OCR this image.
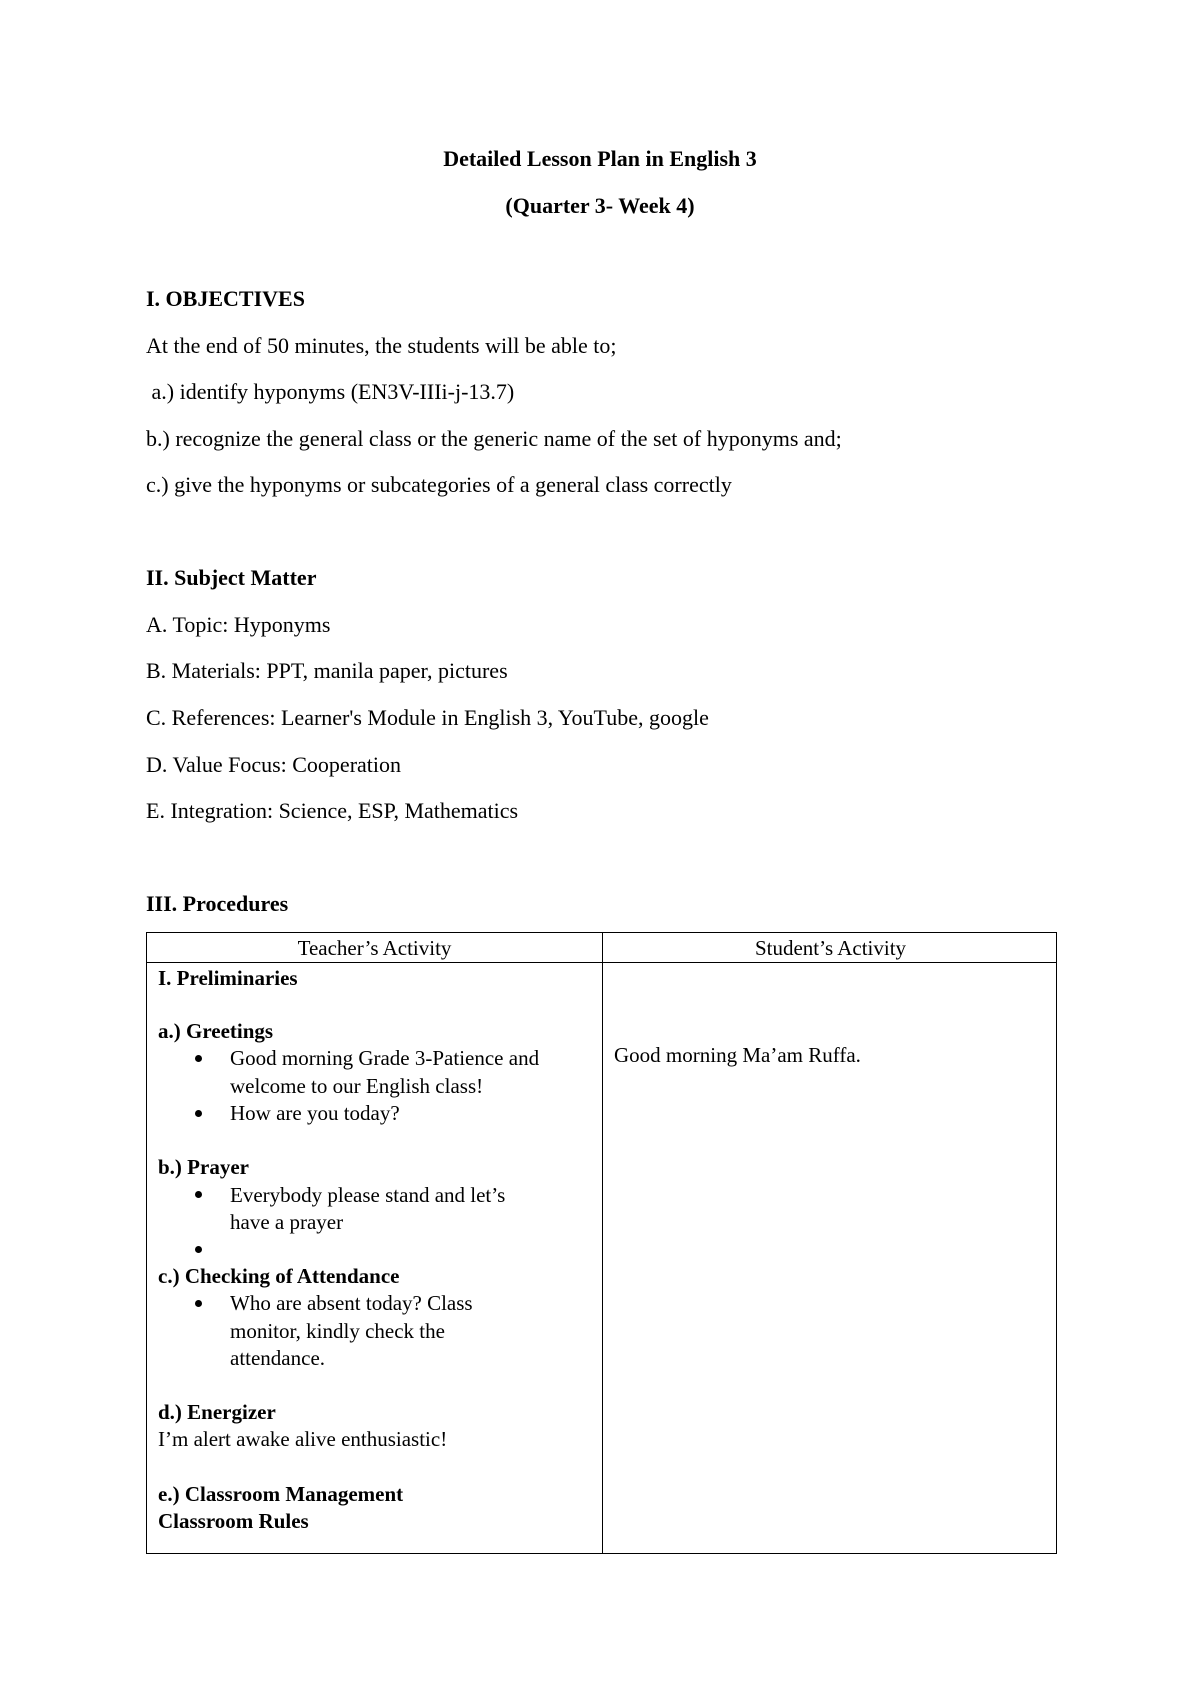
Detailed Lesson Plan in English 3
(Quarter 3- Week 4)
I. OBJECTIVES
At the end of 50 minutes, the students will be able to;
a.) identify hyponyms (EN3V-IIIi-j-13.7)
b.) recognize the general class or the generic name of the set of hyponyms and;
c.) give the hyponyms or subcategories of a general class correctly
II. Subject Matter
A. Topic: Hyponyms
B. Materials: PPT, manila paper, pictures
C. References: Learner's Module in English 3, YouTube, google
D. Value Focus: Cooperation
E. Integration: Science, ESP, Mathematics
III. Procedures
Teacher’s Activity	Student’s Activity
I. Preliminaries
a.) Greetings
Good morning Grade 3-Patience and
welcome to our English class!
How are you today?
b.) Prayer
Everybody please stand and let’s
have a prayer
c.) Checking of Attendance
Who are absent today? Class
monitor, kindly check the
attendance.
d.) Energizer
I’m alert awake alive enthusiastic!
e.) Classroom Management
Classroom Rules
Good morning Ma’am Ruffa.
